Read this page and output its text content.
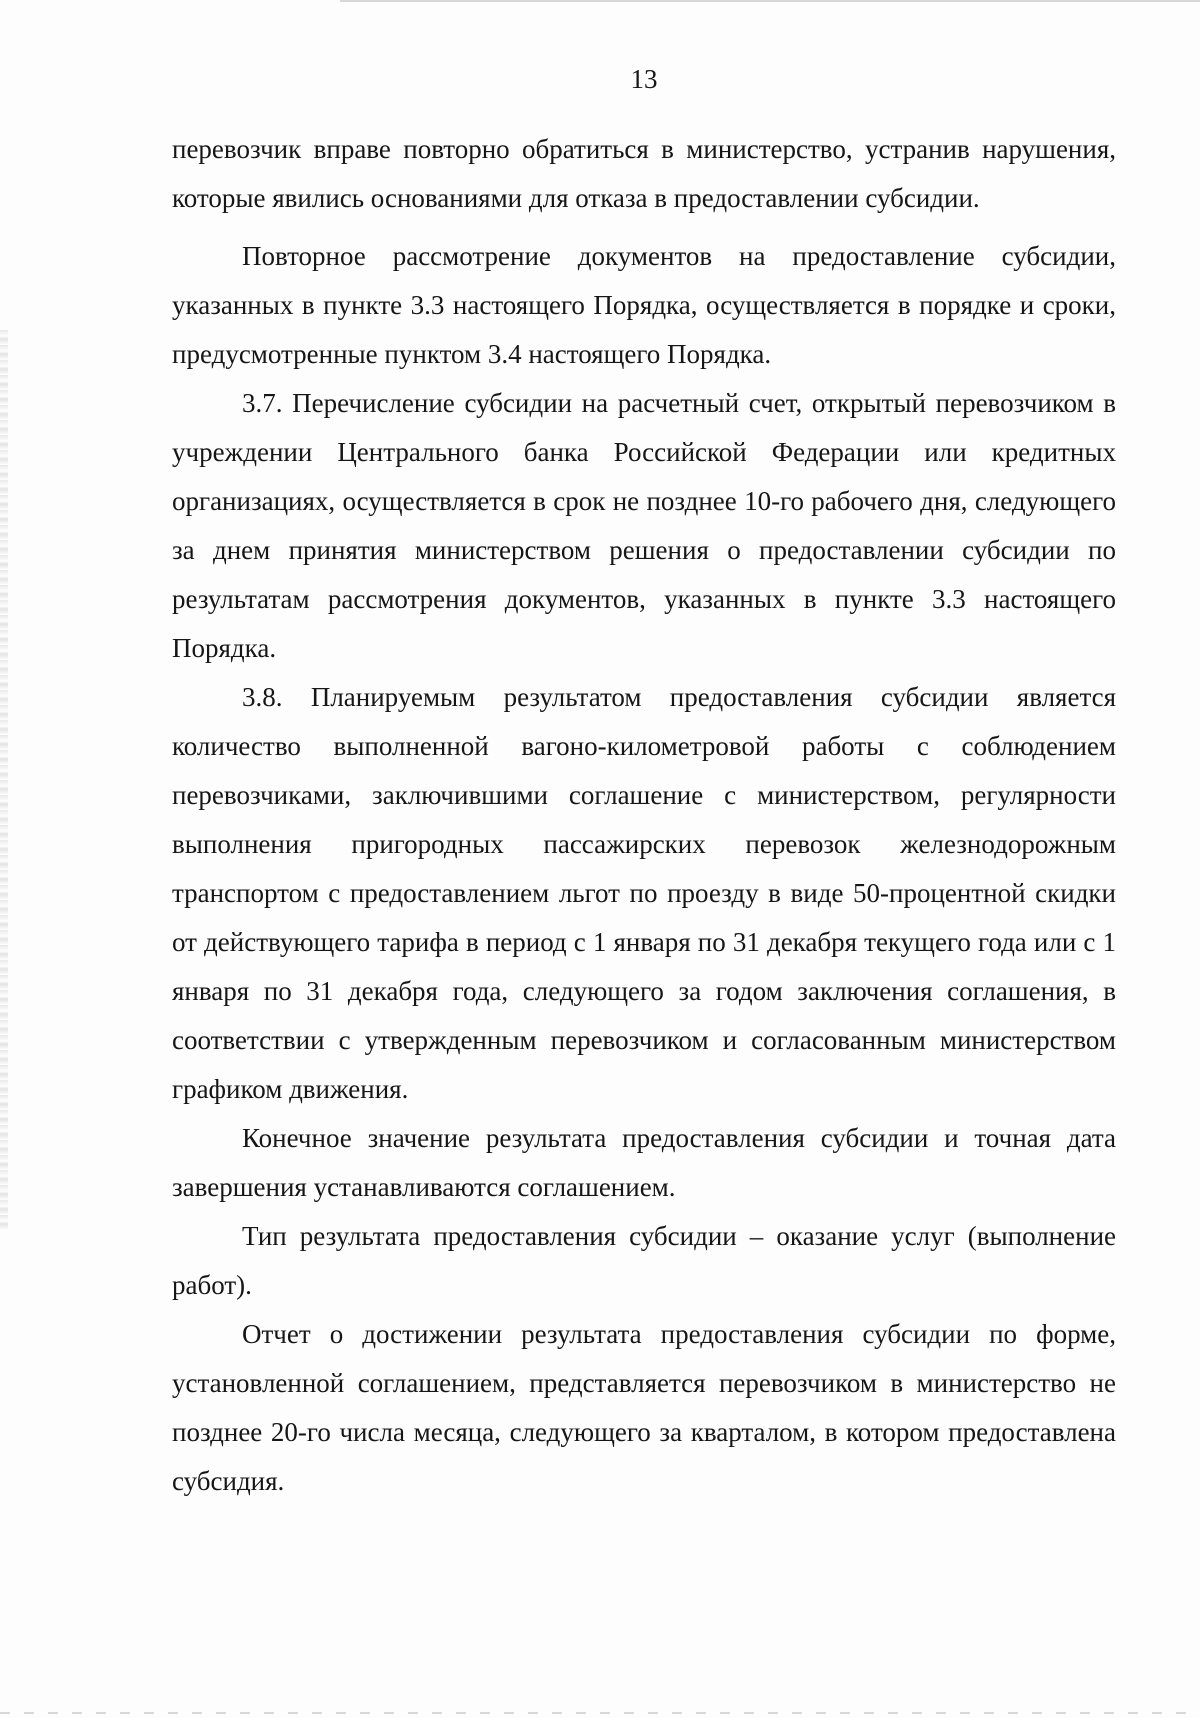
13

перевозчик вправе повторно обратиться в министерство, устранив нарушения, которые явились основаниями для отказа в предоставлении субсидии.

Повторное рассмотрение документов на предоставление субсидии, указанных в пункте 3.3 настоящего Порядка, осуществляется в порядке и сроки, предусмотренные пунктом 3.4 настоящего Порядка.

3.7. Перечисление субсидии на расчетный счет, открытый перевозчиком в учреждении Центрального банка Российской Федерации или кредитных организациях, осуществляется в срок не позднее 10-го рабочего дня, следующего за днем принятия министерством решения о предоставлении субсидии по результатам рассмотрения документов, указанных в пункте 3.3 настоящего Порядка.

3.8. Планируемым результатом предоставления субсидии является количество выполненной вагоно-километровой работы с соблюдением перевозчиками, заключившими соглашение с министерством, регулярности выполнения пригородных пассажирских перевозок железнодорожным транспортом с предоставлением льгот по проезду в виде 50-процентной скидки от действующего тарифа в период с 1 января по 31 декабря текущего года или с 1 января по 31 декабря года, следующего за годом заключения соглашения, в соответствии с утвержденным перевозчиком и согласованным министерством графиком движения.

Конечное значение результата предоставления субсидии и точная дата завершения устанавливаются соглашением.

Тип результата предоставления субсидии – оказание услуг (выполнение работ).

Отчет о достижении результата предоставления субсидии по форме, установленной соглашением, представляется перевозчиком в министерство не позднее 20-го числа месяца, следующего за кварталом, в котором предоставлена субсидия.
